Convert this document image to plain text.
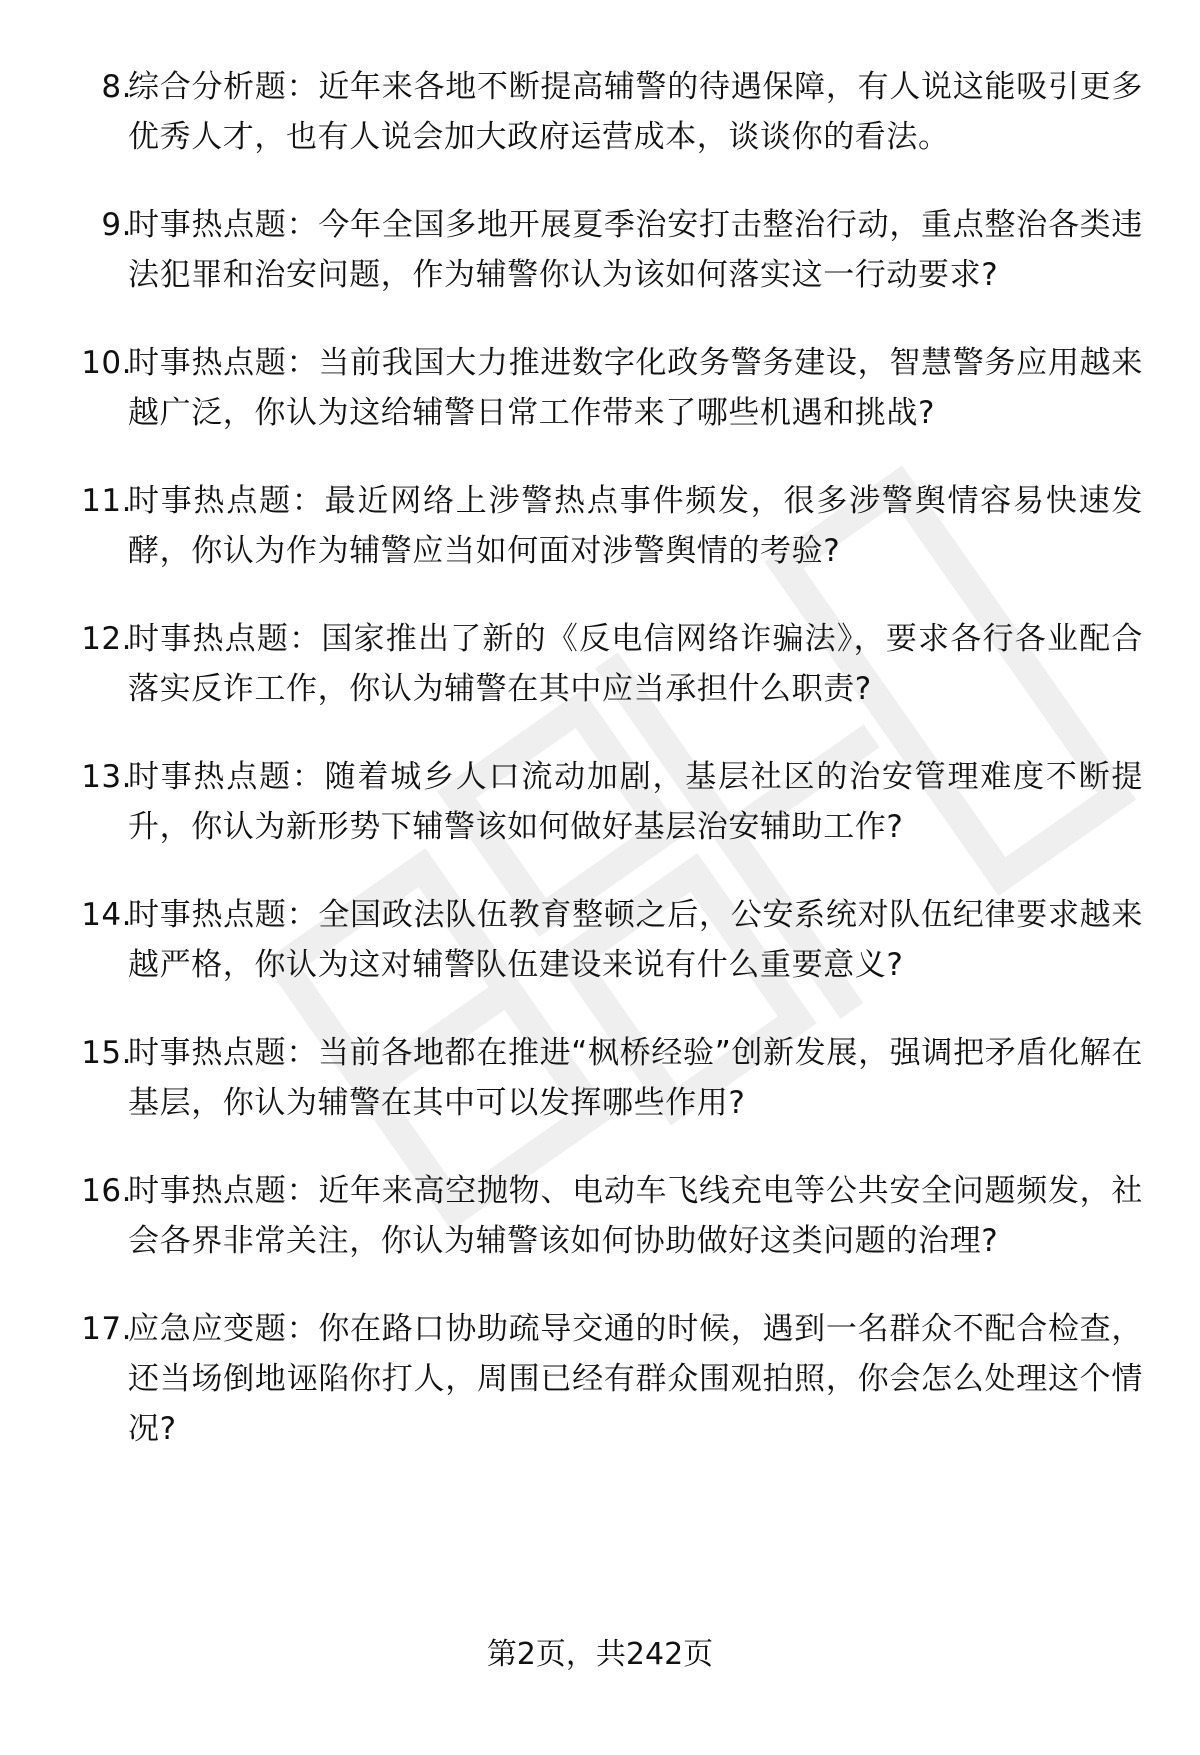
8.
综合分析题：近年来各地不断提高辅警的待遇保障，有人说这能吸引更多优秀人才，也有人说会加大政府运营成本，谈谈你的看法。
9.
时事热点题：今年全国多地开展夏季治安打击整治行动，重点整治各类违法犯罪和治安问题，作为辅警你认为该如何落实这一行动要求?
10.
时事热点题：当前我国大力推进数字化政务警务建设，智慧警务应用越来越广泛，你认为这给辅警日常工作带来了哪些机遇和挑战?
11.
时事热点题：最近网络上涉警热点事件频发，很多涉警舆情容易快速发酵，你认为作为辅警应当如何面对涉警舆情的考验?
12.
时事热点题：国家推出了新的《反电信网络诈骗法》，要求各行各业配合落实反诈工作，你认为辅警在其中应当承担什么职责?
13.
时事热点题：随着城乡人口流动加剧，基层社区的治安管理难度不断提升，你认为新形势下辅警该如何做好基层治安辅助工作?
14.
时事热点题：全国政法队伍教育整顿之后，公安系统对队伍纪律要求越来越严格，你认为这对辅警队伍建设来说有什么重要意义?
15.
时事热点题：当前各地都在推进“枫桥经验”创新发展，强调把矛盾化解在基层，你认为辅警在其中可以发挥哪些作用?
16.
时事热点题：近年来高空抛物、电动车飞线充电等公共安全问题频发，社会各界非常关注，你认为辅警该如何协助做好这类问题的治理?
17.
应急应变题：你在路口协助疏导交通的时候，遇到一名群众不配合检查，还当场倒地诬陷你打人，周围已经有群众围观拍照，你会怎么处理这个情况?
第2页，共242页
